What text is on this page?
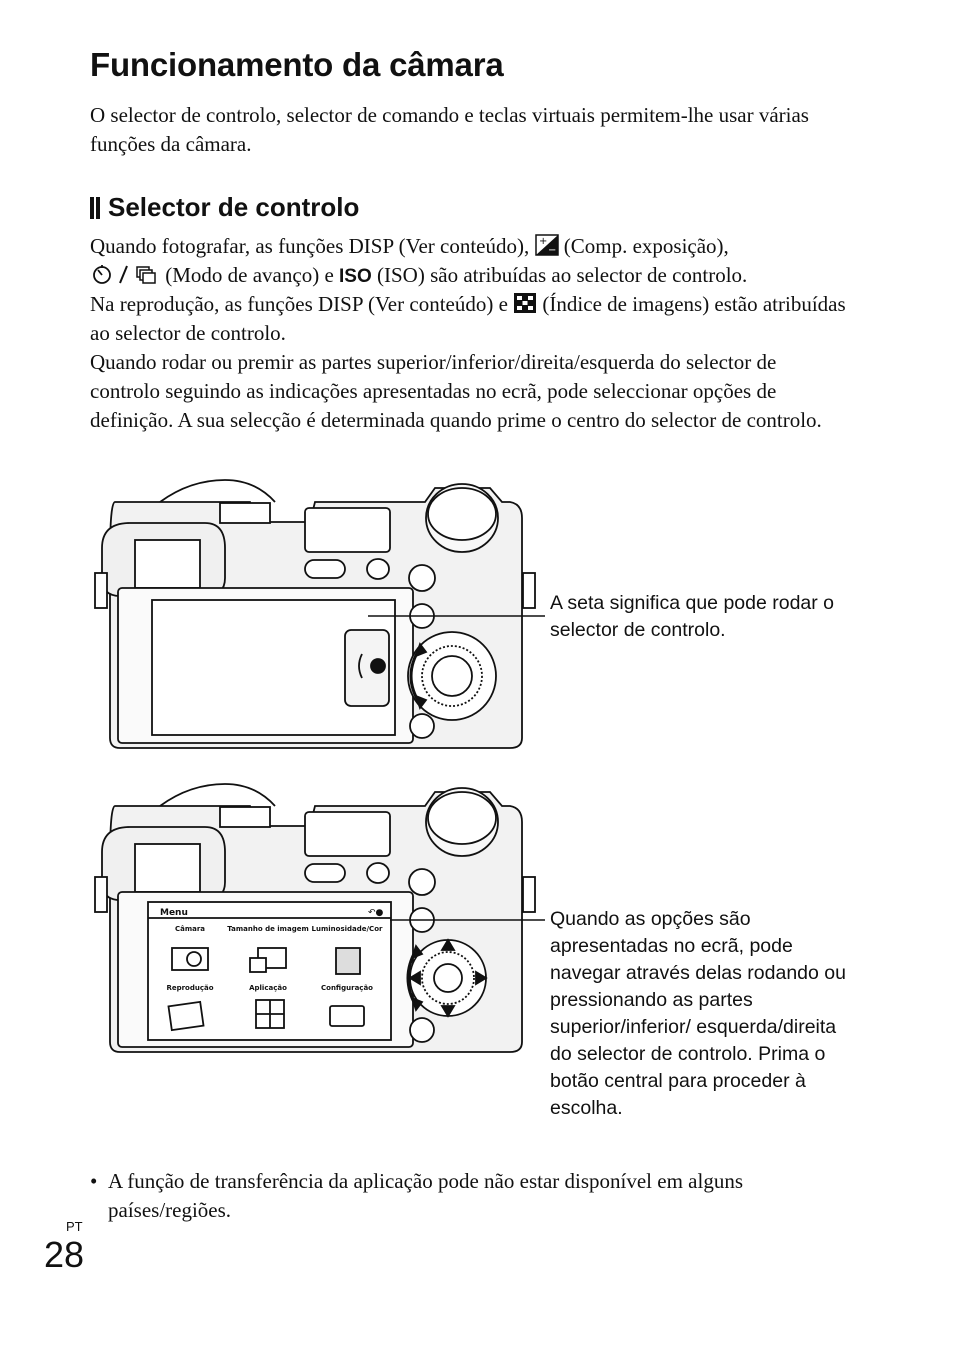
Funcionamento da câmara
O selector de controlo, selector de comando e teclas virtuais permitem-lhe usar várias funções da câmara.
Selector de controlo
Quando fotografar, as funções DISP (Ver conteúdo), +
− (Comp. exposição),
(Modo de avanço) e ISO (ISO) são atribuídas ao selector de controlo.
Na reprodução, as funções DISP (Ver conteúdo) e  (Índice de imagens) estão atribuídas ao selector de controlo.
Quando rodar ou premir as partes superior/inferior/direita/esquerda do selector de controlo seguindo as indicações apresentadas no ecrã, pode seleccionar opções de definição. A sua selecção é determinada quando prime o centro do selector de controlo.
A seta significa que pode rodar o selector de controlo.
Menu	↶●
Câmara	Tamanho de imagem Luminosidade/Cor
Reprodução	Aplicação	Configuração
Quando as opções são apresentadas no ecrã, pode navegar através delas rodando ou pressionando as partes superior/inferior/ esquerda/direita do selector de controlo. Prima o botão central para proceder à escolha.
• A função de transferência da aplicação pode não estar disponível em alguns países/regiões.
PT
28
